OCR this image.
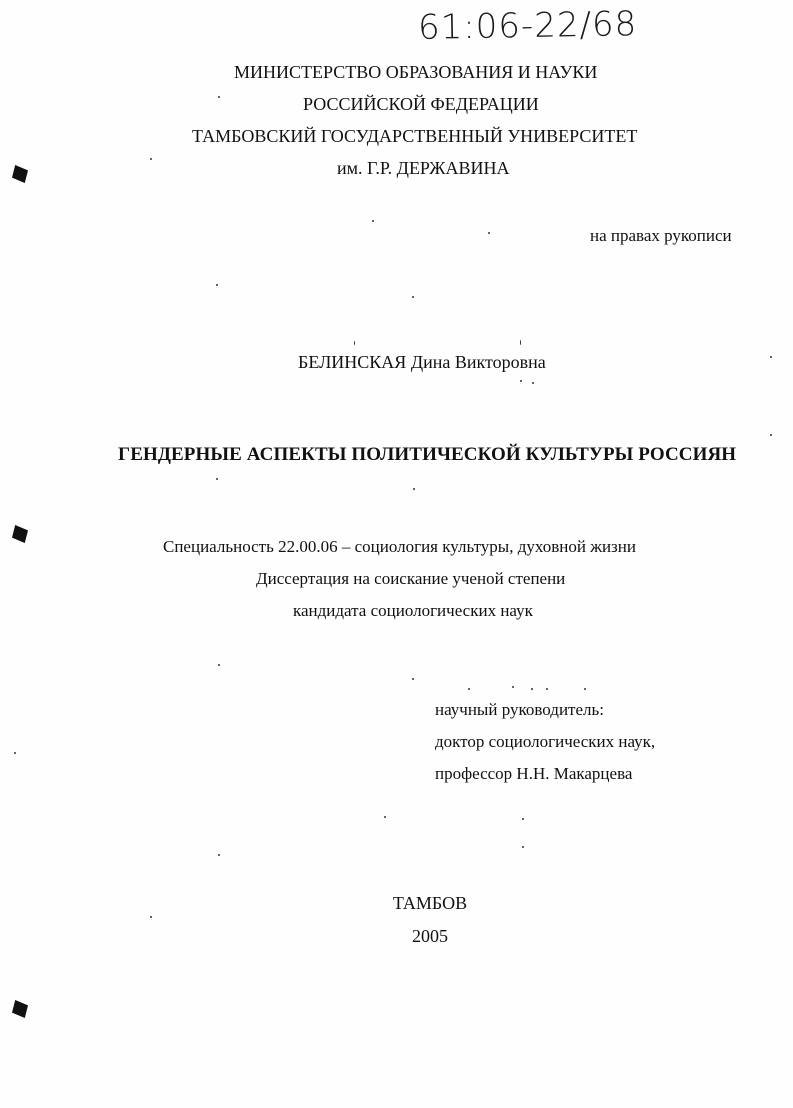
61:06-22/68
МИНИСТЕРСТВО ОБРАЗОВАНИЯ И НАУКИ
РОССИЙСКОЙ ФЕДЕРАЦИИ
ТАМБОВСКИЙ ГОСУДАРСТВЕННЫЙ УНИВЕРСИТЕТ
им. Г.Р. ДЕРЖАВИНА
на правах рукописи
БЕЛИНСКАЯ Дина Викторовна
ГЕНДЕРНЫЕ АСПЕКТЫ ПОЛИТИЧЕСКОЙ КУЛЬТУРЫ РОССИЯН
Специальность 22.00.06 – социология культуры, духовной жизни
Диссертация на соискание ученой степени
кандидата социологических наук
научный руководитель:
доктор социологических наук,
профессор Н.Н. Макарцева
ТАМБОВ
2005
